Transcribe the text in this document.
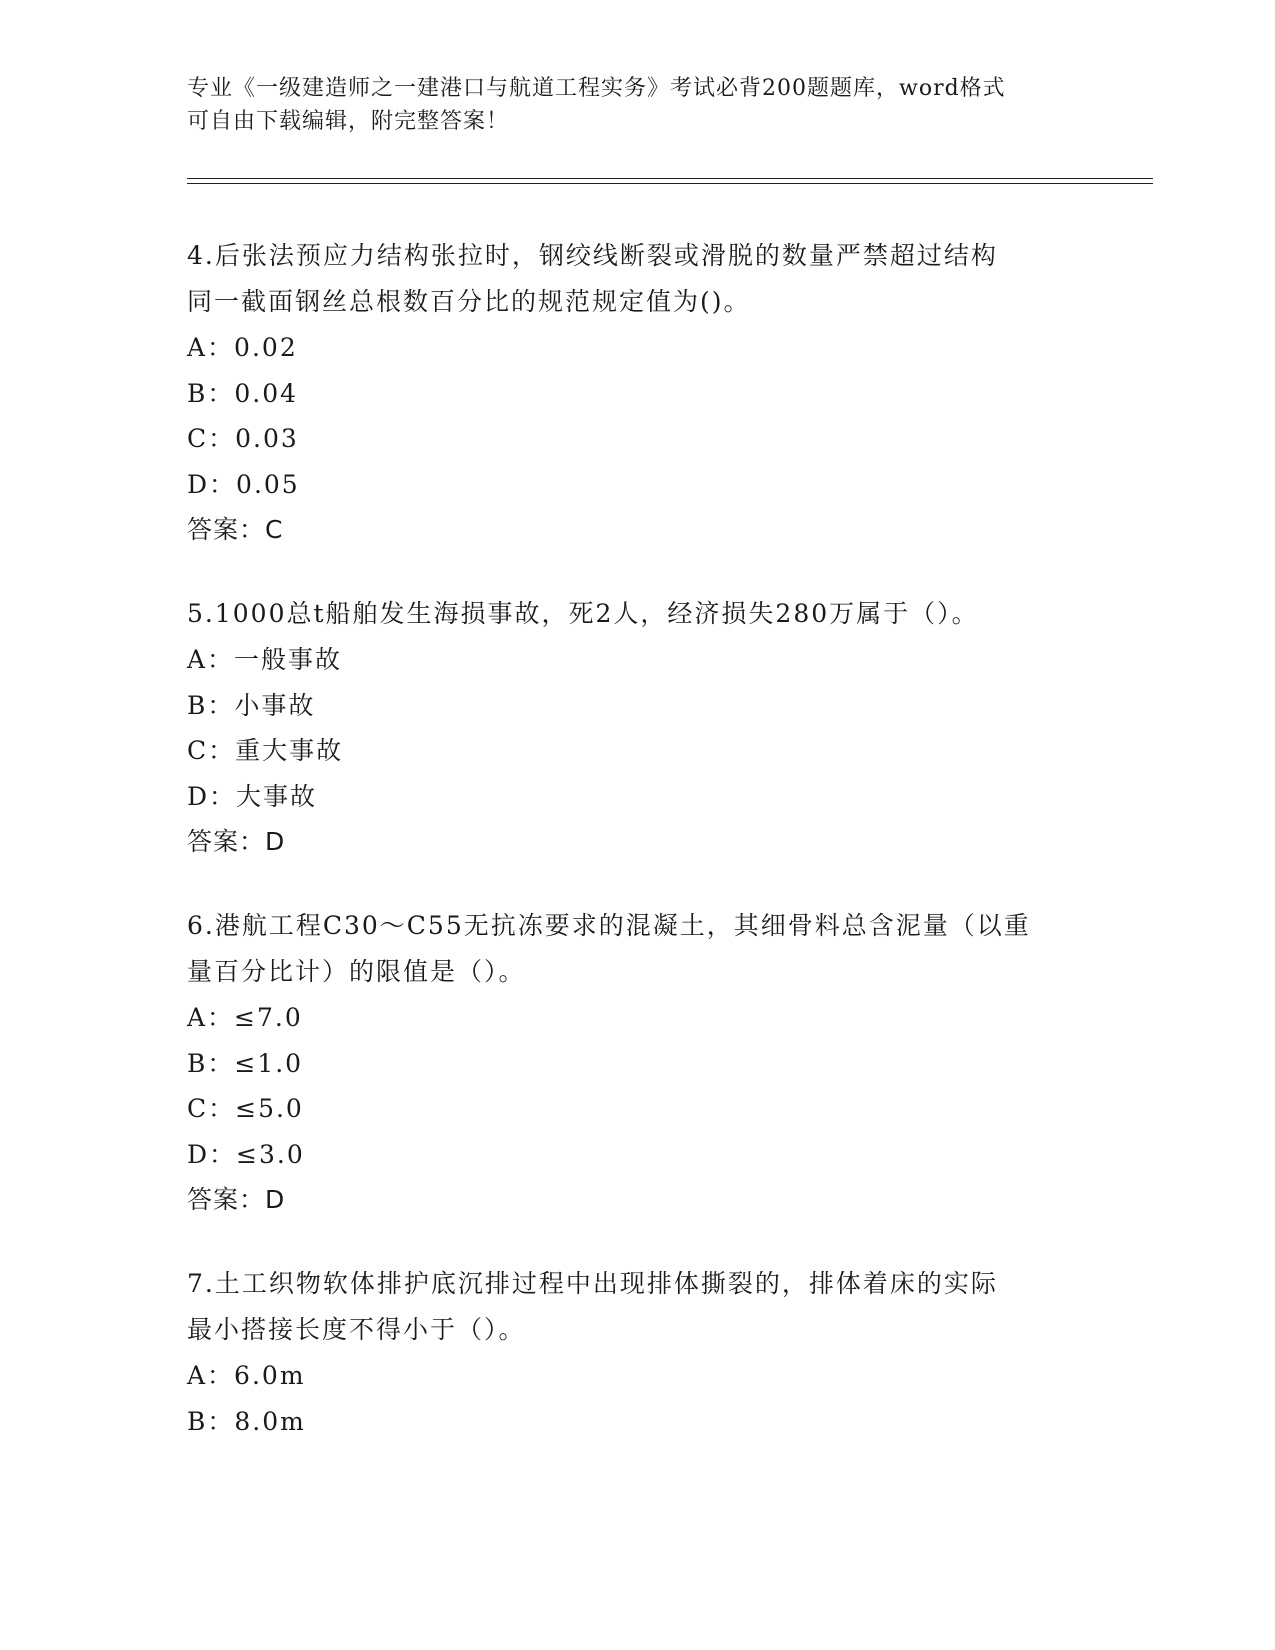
专业《一级建造师之一建港口与航道工程实务》考试必背200题题库，word格式
可自由下载编辑，附完整答案！
4.后张法预应力结构张拉时，钢绞线断裂或滑脱的数量严禁超过结构
同一截面钢丝总根数百分比的规范规定值为()。
A：0.02
B：0.04
C：0.03
D：0.05
答案：C
5.1000总t船舶发生海损事故，死2人，经济损失280万属于（）。
A：一般事故
B：小事故
C：重大事故
D：大事故
答案：D
6.港航工程C30～C55无抗冻要求的混凝土，其细骨料总含泥量（以重
量百分比计）的限值是（）。
A：≤7.0
B：≤1.0
C：≤5.0
D：≤3.0
答案：D
7.土工织物软体排护底沉排过程中出现排体撕裂的，排体着床的实际
最小搭接长度不得小于（）。
A：6.0m
B：8.0m
